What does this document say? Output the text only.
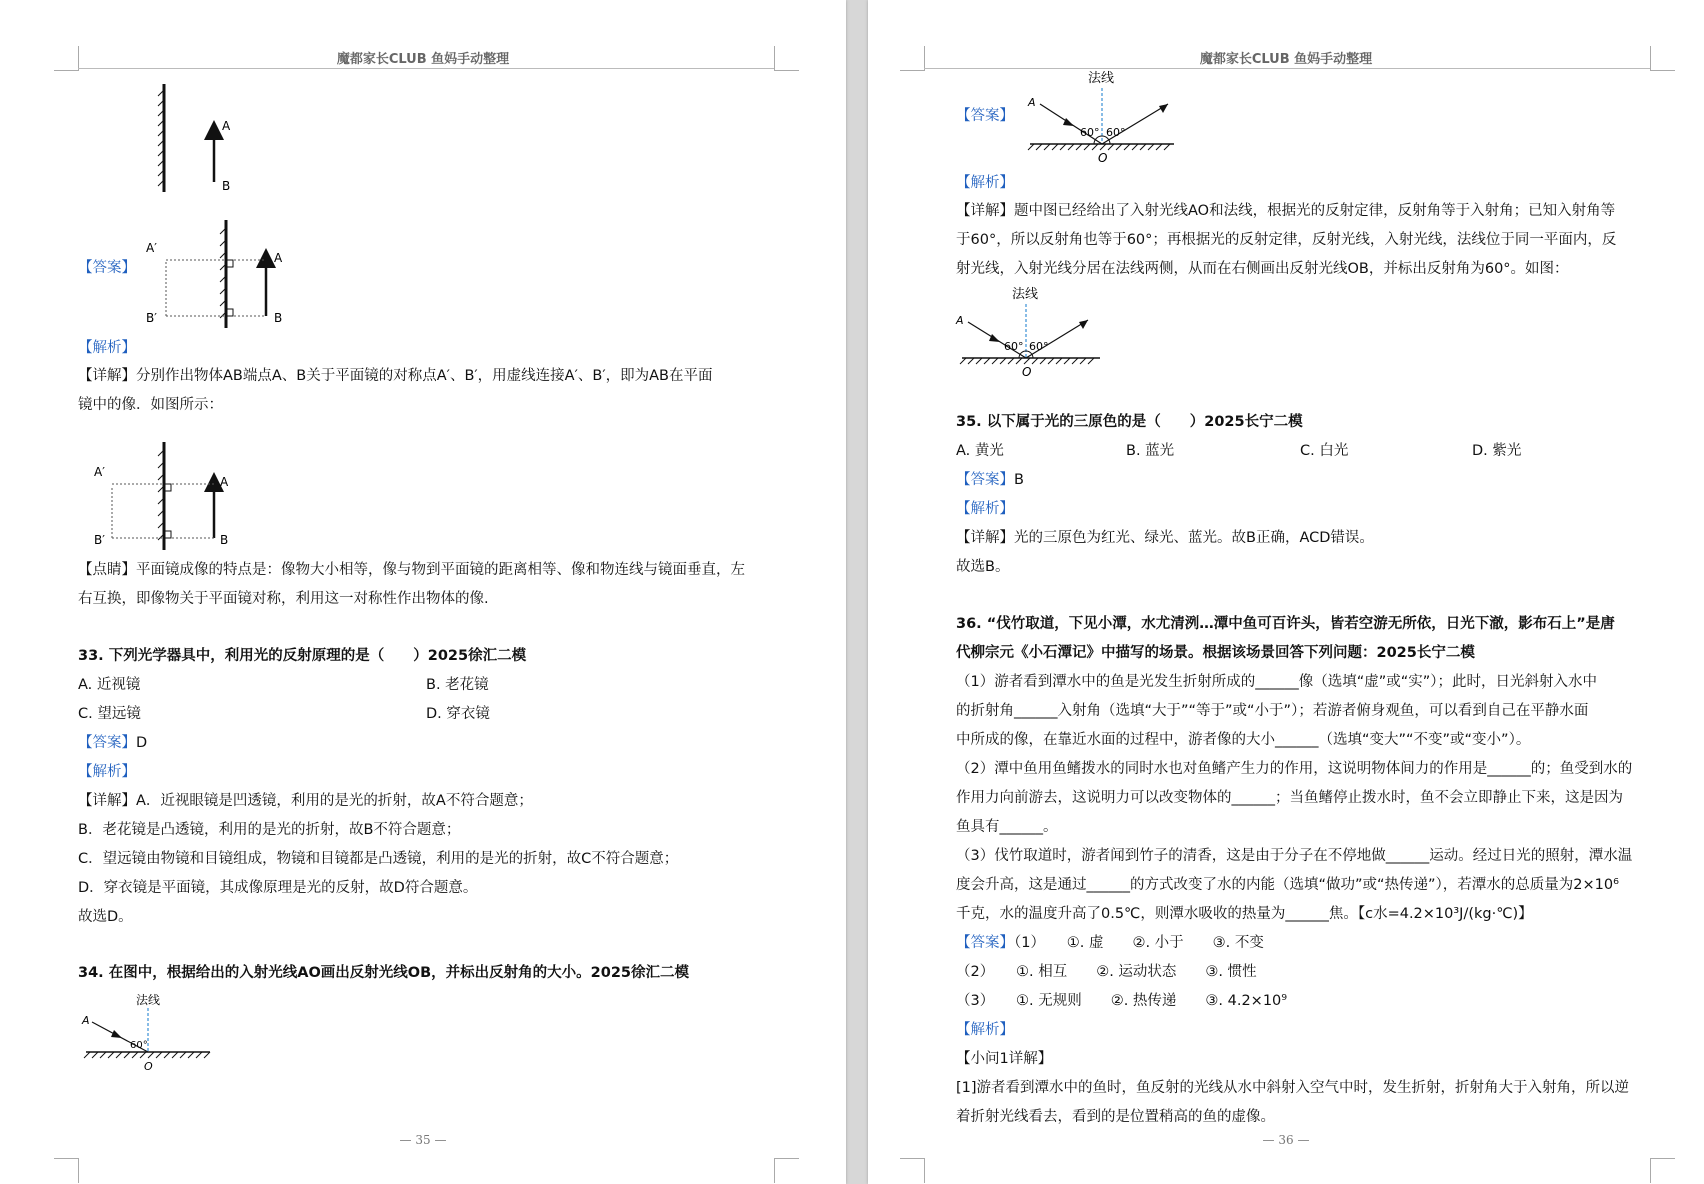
魔都家长CLUB 鱼妈手动整理
A
B
【答案】
A′
B′
A
B
【解析】
【详解】分别作出物体AB端点A、B关于平面镜的对称点A′、B′，用虚线连接A′、B′，即为AB在平面
镜中的像．如图所示：
A′
B′
A
B
【点睛】平面镜成像的特点是：像物大小相等，像与物到平面镜的距离相等、像和物连线与镜面垂直，左
右互换，即像物关于平面镜对称，利用这一对称性作出物体的像.
33. 下列光学器具中，利用光的反射原理的是（　　）2025徐汇二模
A. 近视镜	B. 老花镜
C. 望远镜	D. 穿衣镜
【答案】D
【解析】
【详解】A．近视眼镜是凹透镜，利用的是光的折射，故A不符合题意；
B．老花镜是凸透镜，利用的是光的折射，故B不符合题意；
C．望远镜由物镜和目镜组成，物镜和目镜都是凸透镜，利用的是光的折射，故C不符合题意；
D．穿衣镜是平面镜，其成像原理是光的反射，故D符合题意。
故选D。
34. 在图中，根据给出的入射光线AO画出反射光线OB，并标出反射角的大小。2025徐汇二模
法线
A
60°
O
— 35 —
魔都家长CLUB 鱼妈手动整理
【答案】
法线
A
60° 60°
O
【解析】
【详解】题中图已经给出了入射光线AO和法线，根据光的反射定律，反射角等于入射角；已知入射角等
于60°，所以反射角也等于60°；再根据光的反射定律，反射光线，入射光线，法线位于同一平面内，反
射光线，入射光线分居在法线两侧，从而在右侧画出反射光线OB，并标出反射角为60°。如图：
法线
A
60° 60°
O
35. 以下属于光的三原色的是（　　）2025长宁二模
A. 黄光	B. 蓝光	C. 白光	D. 紫光
【答案】B
【解析】
【详解】光的三原色为红光、绿光、蓝光。故B正确，ACD错误。
故选B。
36. “伐竹取道，下见小潭，水尤清洌…潭中鱼可百许头，皆若空游无所依，日光下澈，影布石上”是唐
代柳宗元《小石潭记》中描写的场景。根据该场景回答下列问题：2025长宁二模
（1）游者看到潭水中的鱼是光发生折射所成的______像（选填“虚”或“实”）；此时，日光斜射入水中
的折射角______入射角（选填“大于”“等于”或“小于”）；若游者俯身观鱼，可以看到自己在平静水面
中所成的像，在靠近水面的过程中，游者像的大小______（选填“变大”“不变”或“变小”）。
（2）潭中鱼用鱼鳍拨水的同时水也对鱼鳍产生力的作用，这说明物体间力的作用是______的；鱼受到水的
作用力向前游去，这说明力可以改变物体的______；当鱼鳍停止拨水时，鱼不会立即静止下来，这是因为
鱼具有______。
（3）伐竹取道时，游者闻到竹子的清香，这是由于分子在不停地做______运动。经过日光的照射，潭水温
度会升高，这是通过______的方式改变了水的内能（选填“做功”或“热传递”），若潭水的总质量为2×10⁶
千克，水的温度升高了0.5℃，则潭水吸收的热量为______焦。【c水=4.2×10³J/(kg·℃)】
【答案】（1）　　①. 虚　　②. 小于　　③. 不变
（2）　　①. 相互　　②. 运动状态　　③. 惯性
（3）　　①. 无规则　　②. 热传递　　③. 4.2×10⁹
【解析】
【小问1详解】
[1]游者看到潭水中的鱼时，鱼反射的光线从水中斜射入空气中时，发生折射，折射角大于入射角，所以逆
着折射光线看去，看到的是位置稍高的鱼的虚像。
— 36 —
